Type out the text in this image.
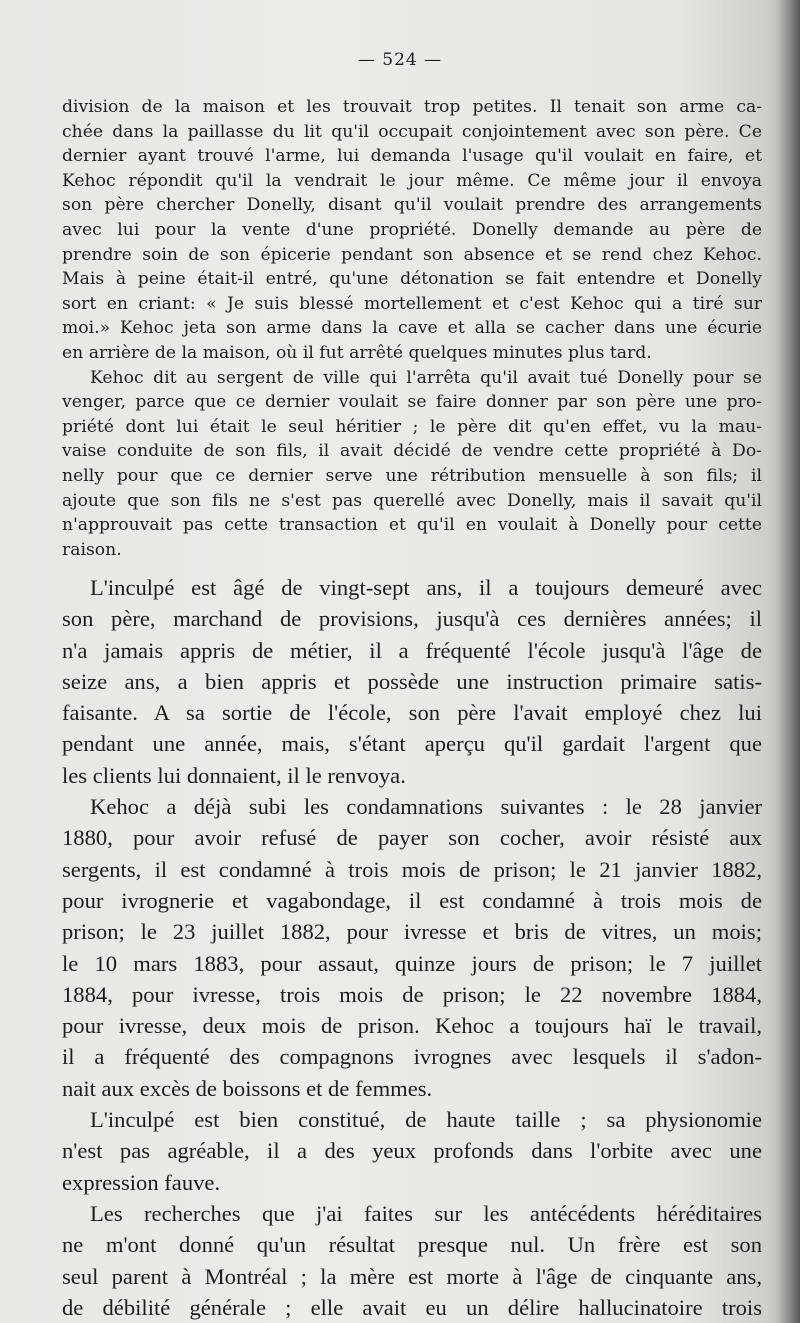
— 524 —
division de la maison et les trouvait trop petites. Il tenait son arme ca-
chée dans la paillasse du lit qu'il occupait conjointement avec son père. Ce
dernier ayant trouvé l'arme, lui demanda l'usage qu'il voulait en faire, et
Kehoc répondit qu'il la vendrait le jour même. Ce même jour il envoya
son père chercher Donelly, disant qu'il voulait prendre des arrangements
avec lui pour la vente d'une propriété. Donelly demande au père de
prendre soin de son épicerie pendant son absence et se rend chez Kehoc.
Mais à peine était-il entré, qu'une détonation se fait entendre et Donelly
sort en criant: « Je suis blessé mortellement et c'est Kehoc qui a tiré sur
moi.» Kehoc jeta son arme dans la cave et alla se cacher dans une écurie
en arrière de la maison, où il fut arrêté quelques minutes plus tard.
Kehoc dit au sergent de ville qui l'arrêta qu'il avait tué Donelly pour se
venger, parce que ce dernier voulait se faire donner par son père une pro-
priété dont lui était le seul héritier ; le père dit qu'en effet, vu la mau-
vaise conduite de son fils, il avait décidé de vendre cette propriété à Do-
nelly pour que ce dernier serve une rétribution mensuelle à son fils; il
ajoute que son fils ne s'est pas querellé avec Donelly, mais il savait qu'il
n'approuvait pas cette transaction et qu'il en voulait à Donelly pour cette
raison.
L'inculpé est âgé de vingt-sept ans, il a toujours demeuré avec
son père, marchand de provisions, jusqu'à ces dernières années; il
n'a jamais appris de métier, il a fréquenté l'école jusqu'à l'âge de
seize ans, a bien appris et possède une instruction primaire satis-
faisante. A sa sortie de l'école, son père l'avait employé chez lui
pendant une année, mais, s'étant aperçu qu'il gardait l'argent que
les clients lui donnaient, il le renvoya.
Kehoc a déjà subi les condamnations suivantes : le 28 janvier
1880, pour avoir refusé de payer son cocher, avoir résisté aux
sergents, il est condamné à trois mois de prison; le 21 janvier 1882,
pour ivrognerie et vagabondage, il est condamné à trois mois de
prison; le 23 juillet 1882, pour ivresse et bris de vitres, un mois;
le 10 mars 1883, pour assaut, quinze jours de prison; le 7 juillet
1884, pour ivresse, trois mois de prison; le 22 novembre 1884,
pour ivresse, deux mois de prison. Kehoc a toujours haï le travail,
il a fréquenté des compagnons ivrognes avec lesquels il s'adon-
nait aux excès de boissons et de femmes.
L'inculpé est bien constitué, de haute taille ; sa physionomie
n'est pas agréable, il a des yeux profonds dans l'orbite avec une
expression fauve.
Les recherches que j'ai faites sur les antécédents héréditaires
ne m'ont donné qu'un résultat presque nul. Un frère est son
seul parent à Montréal ; la mère est morte à l'âge de cinquante ans,
de débilité générale ; elle avait eu un délire hallucinatoire trois
